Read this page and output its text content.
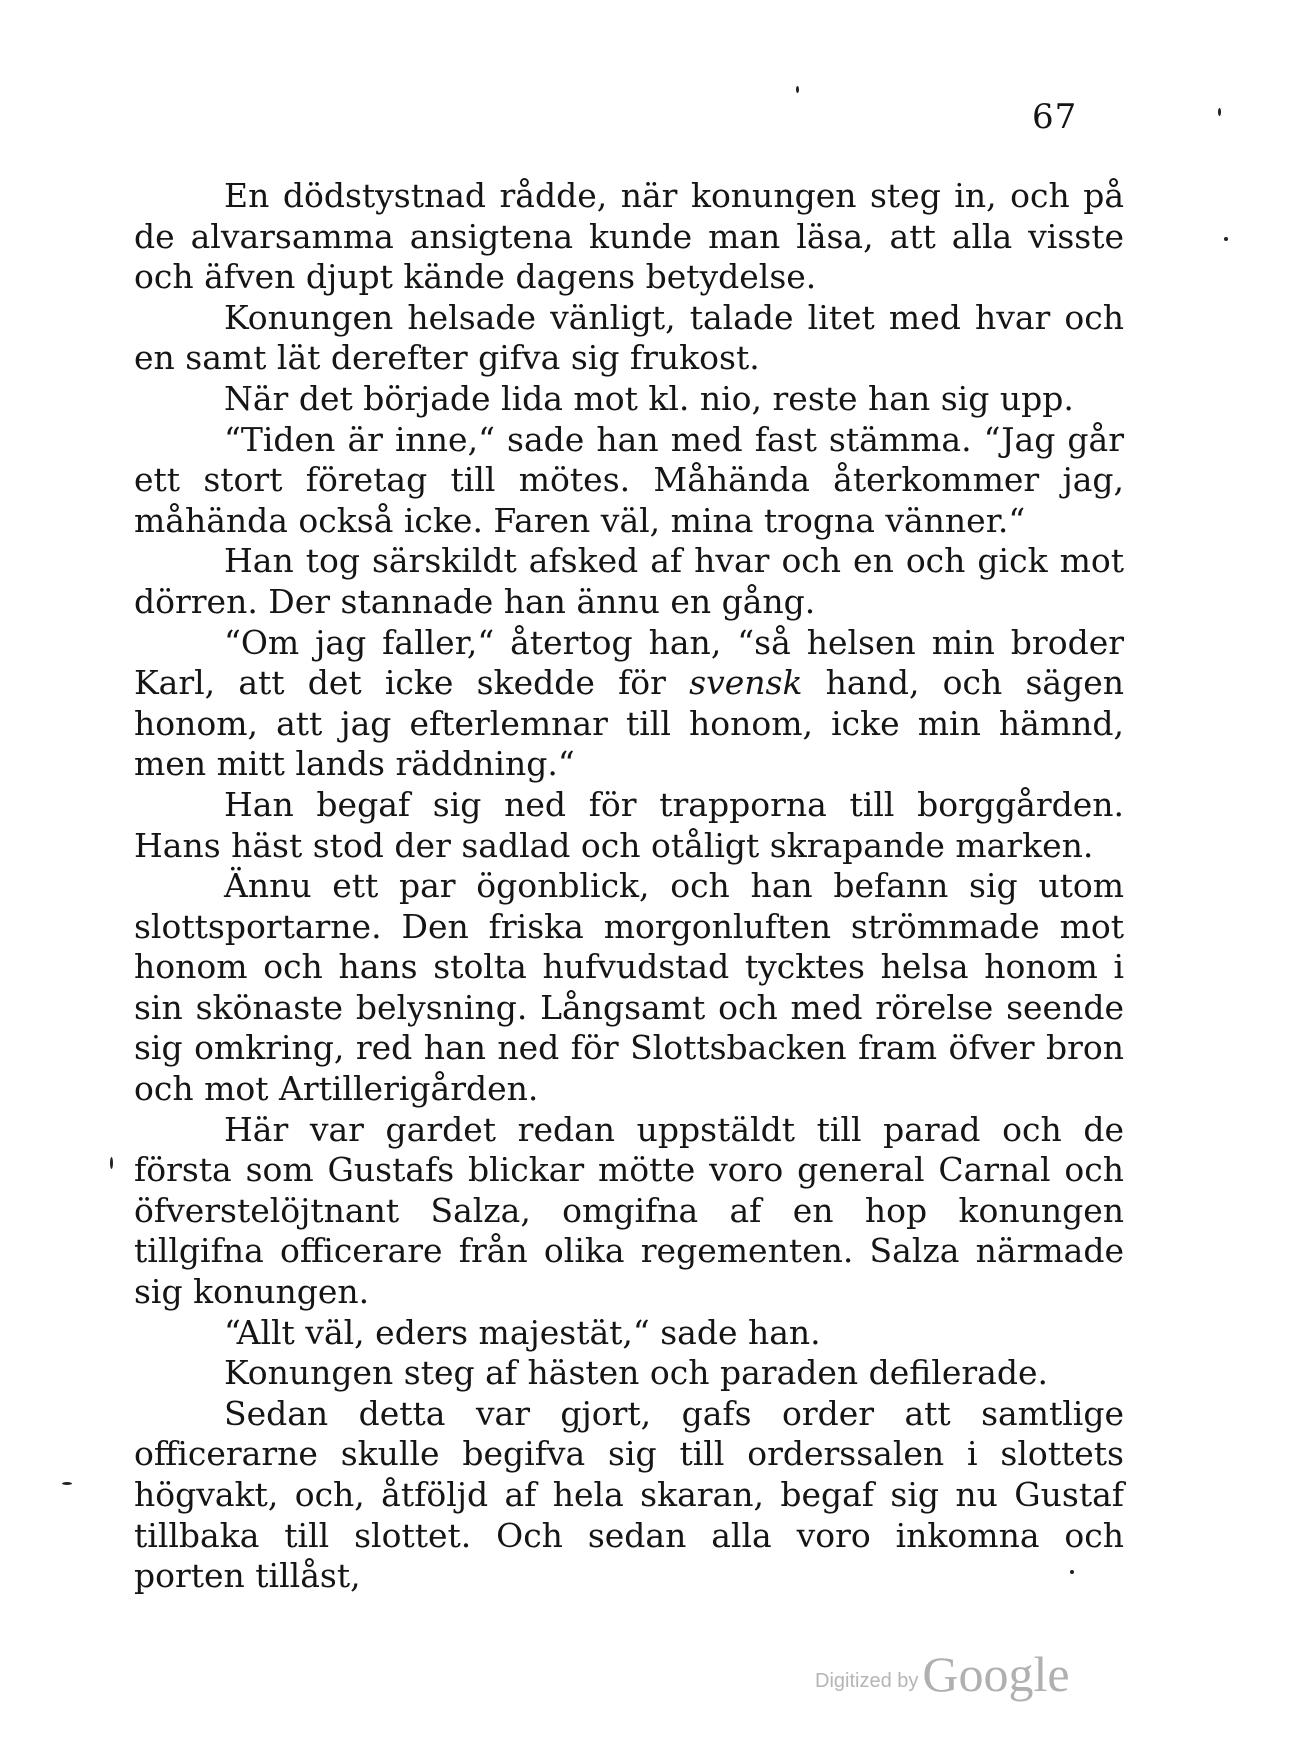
67

En dödstystnad rådde, när konungen steg in, och på de alvarsamma ansigtena kunde man läsa, att alla visste och äfven djupt kände dagens betydelse.

Konungen helsade vänligt, talade litet med hvar och en samt lät derefter gifva sig frukost.

När det började lida mot kl. nio, reste han sig upp.

“Tiden är inne,“ sade han med fast stämma. “Jag går ett stort företag till mötes. Måhända återkommer jag, måhända också icke. Faren väl, mina trogna vänner.“

Han tog särskildt afsked af hvar och en och gick mot dörren. Der stannade han ännu en gång.

“Om jag faller,“ återtog han, “så helsen min broder Karl, att det icke skedde för svensk hand, och sägen honom, att jag efterlemnar till honom, icke min hämnd, men mitt lands räddning.“

Han begaf sig ned för trapporna till borggården. Hans häst stod der sadlad och otåligt skrapande marken.

Ännu ett par ögonblick, och han befann sig utom slottsportarne. Den friska morgonluften strömmade mot honom och hans stolta hufvudstad tycktes helsa honom i sin skönaste belysning. Långsamt och med rörelse seende sig omkring, red han ned för Slottsbacken fram öfver bron och mot Artillerigården.

Här var gardet redan uppstäldt till parad och de första som Gustafs blickar mötte voro general Carnal och öfverstelöjtnant Salza, omgifna af en hop konungen tillgifna officerare från olika regementen. Salza närmade sig konungen.

“Allt väl, eders majestät,“ sade han.

Konungen steg af hästen och paraden defilerade.

Sedan detta var gjort, gafs order att samtlige officerarne skulle begifva sig till orderssalen i slottets högvakt, och, åtföljd af hela skaran, begaf sig nu Gustaf tillbaka till slottet. Och sedan alla voro inkomna och porten tillåst,

Digitized by Google
